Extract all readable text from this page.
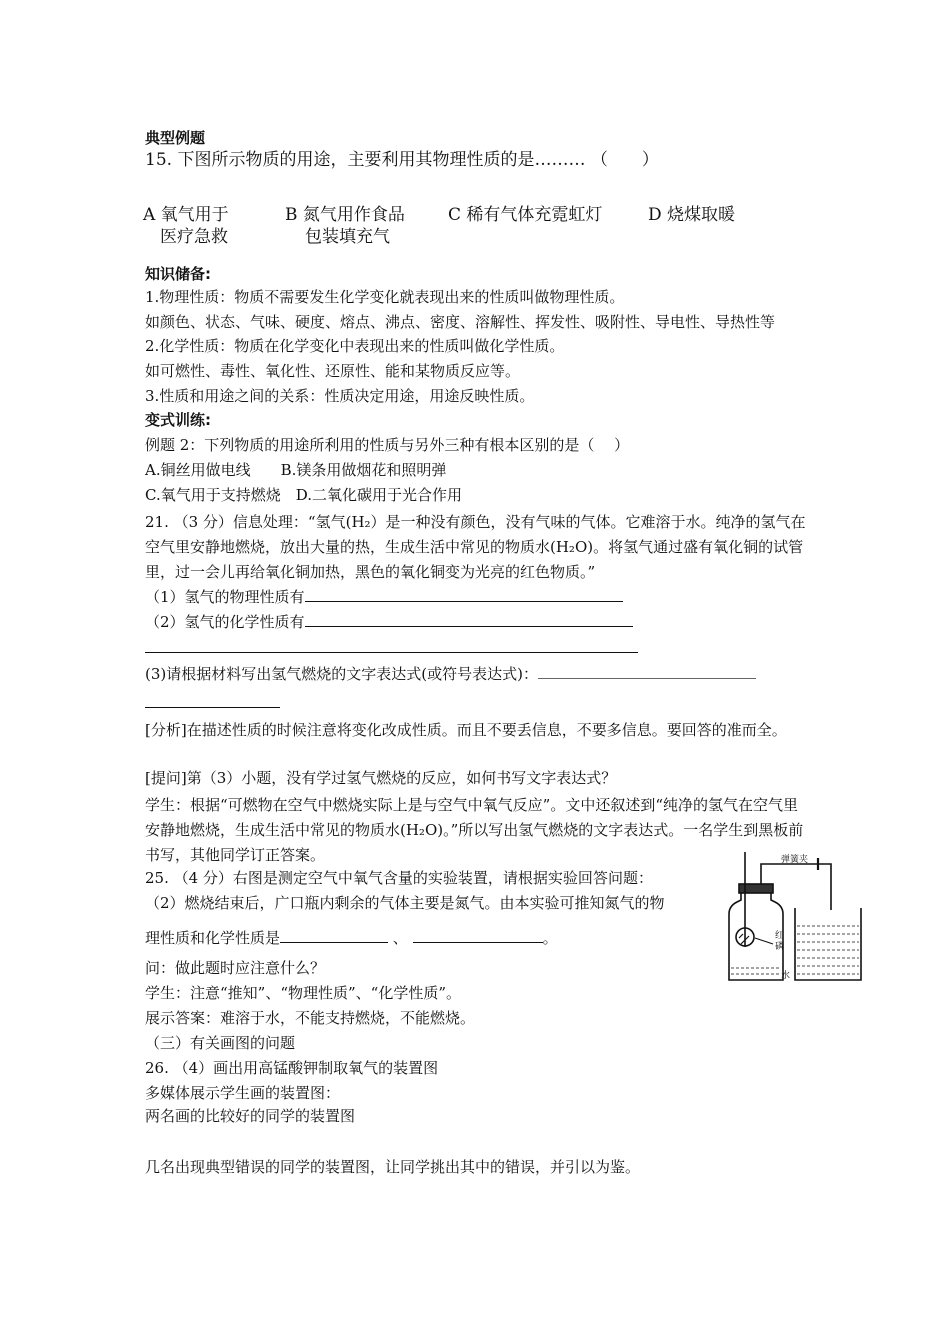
典型例题
15. 下图所示物质的用途，主要利用其物理性质的是……… （　　）
A 氧气用于
医疗急救
B 氮气用作食品
包装填充气
C 稀有气体充霓虹灯	D 烧煤取暖
知识储备:
1.物理性质：物质不需要发生化学变化就表现出来的性质叫做物理性质。
如颜色、状态、气味、硬度、熔点、沸点、密度、溶解性、挥发性、吸附性、导电性、导热性等
2.化学性质：物质在化学变化中表现出来的性质叫做化学性质。
如可燃性、毒性、氧化性、还原性、能和某物质反应等。
3.性质和用途之间的关系：性质决定用途，用途反映性质。
变式训练:
例题 2：下列物质的用途所利用的性质与另外三种有根本区别的是（　 ）
A.铜丝用做电线　　B.镁条用做烟花和照明弹
C.氧气用于支持燃烧　D.二氧化碳用于光合作用
21. （3 分）信息处理：“氢气(H₂）是一种没有颜色，没有气味的气体。它难溶于水。纯净的氢气在空气里安静地燃烧，放出大量的热，生成生活中常见的物质水(H₂O)。将氢气通过盛有氧化铜的试管里，过一会儿再给氧化铜加热，黑色的氧化铜变为光亮的红色物质。”
（1）氢气的物理性质有
（2）氢气的化学性质有
(3)请根据材料写出氢气燃烧的文字表达式(或符号表达式)：
[分析]在描述性质的时候注意将变化改成性质。而且不要丢信息，不要多信息。要回答的准而全。
[提问]第（3）小题，没有学过氢气燃烧的反应，如何书写文字表达式？
学生：根据“可燃物在空气中燃烧实际上是与空气中氧气反应”。文中还叙述到“纯净的氢气在空气里安静地燃烧，生成生活中常见的物质水(H₂O)。”所以写出氢气燃烧的文字表达式。一名学生到黑板前书写，其他同学订正答案。
25. （4 分）右图是测定空气中氧气含量的实验装置，请根据实验回答问题：
（2）燃烧结束后，广口瓶内剩余的气体主要是氮气。由本实验可推知氮气的物
理性质和化学性质是	、	。
问：做此题时应注意什么？
学生：注意“推知”、“物理性质”、“化学性质”。
展示答案：难溶于水，不能支持燃烧，不能燃烧。
弹簧夹
红
磷
水
（三）有关画图的问题
26. （4）画出用高锰酸钾制取氧气的装置图
多媒体展示学生画的装置图：
两名画的比较好的同学的装置图
几名出现典型错误的同学的装置图，让同学挑出其中的错误，并引以为鉴。
